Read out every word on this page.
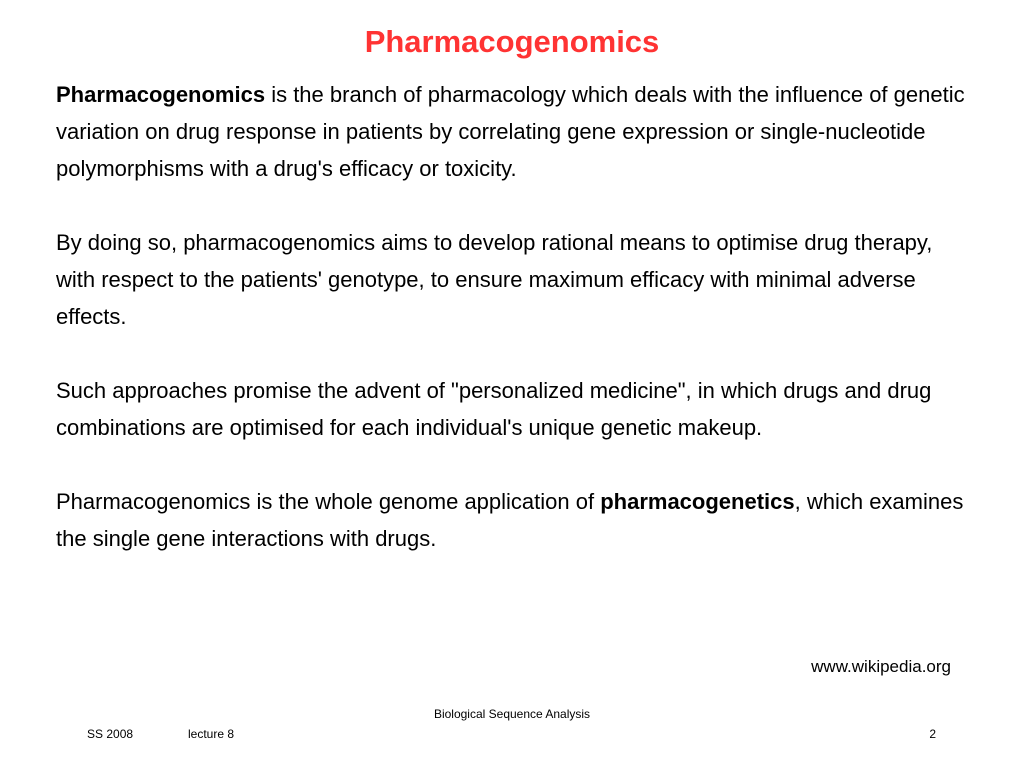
Pharmacogenomics

Pharmacogenomics is the branch of pharmacology which deals with the influence of genetic variation on drug response in patients by correlating gene expression or single-nucleotide polymorphisms with a drug's efficacy or toxicity.

By doing so, pharmacogenomics aims to develop rational means to optimise drug therapy, with respect to the patients' genotype, to ensure maximum efficacy with minimal adverse effects.

Such approaches promise the advent of "personalized medicine", in which drugs and drug combinations are optimised for each individual's unique genetic makeup.

Pharmacogenomics is the whole genome application of pharmacogenetics, which examines the single gene interactions with drugs.

www.wikipedia.org
Biological Sequence Analysis
SS 2008	lecture 8	2
